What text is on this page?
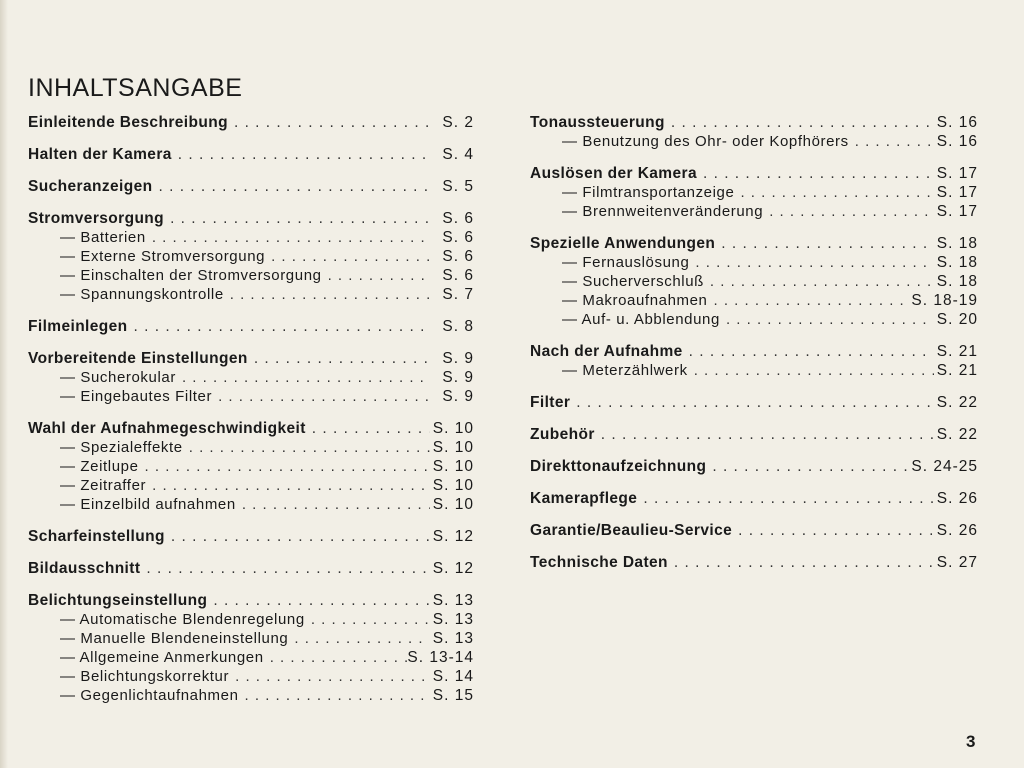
INHALTSANGABE
Einleitende Beschreibung . . .	S. 2
Halten der Kamera . . .	S. 4
Sucheranzeigen . . .	S. 5
Stromversorgung . . .	S. 6
— Batterien . . .	S. 6
— Externe Stromversorgung . . .	S. 6
— Einschalten der Stromversorgung . . .	S. 6
— Spannungskontrolle . . .	S. 7
Filmeinlegen . . .	S. 8
Vorbereitende Einstellungen . . .	S. 9
— Sucherokular . . .	S. 9
— Eingebautes Filter . . .	S. 9
Wahl der Aufnahmegeschwindigkeit . . .	S. 10
— Spezialeffekte . . .	S. 10
— Zeitlupe . . .	S. 10
— Zeitraffer . . .	S. 10
— Einzelbild aufnahmen . . .	S. 10
Scharfeinstellung . . .	S. 12
Bildausschnitt . . .	S. 12
Belichtungseinstellung . . .	S. 13
— Automatische Blendenregelung . . .	S. 13
— Manuelle Blendeneinstellung . . .	S. 13
— Allgemeine Anmerkungen . . .	S. 13-14
— Belichtungskorrektur . . .	S. 14
— Gegenlichtaufnahmen . . .	S. 15
Tonaussteuerung . . .	S. 16
— Benutzung des Ohr- oder Kopfhörers . . .	S. 16
Auslösen der Kamera . . .	S. 17
— Filmtransportanzeige . . .	S. 17
— Brennweitenveränderung . . .	S. 17
Spezielle Anwendungen . . .	S. 18
— Fernauslösung . . .	S. 18
— Sucherverschluß . . .	S. 18
— Makroaufnahmen . . .	S. 18-19
— Auf- u. Abblendung . . .	S. 20
Nach der Aufnahme . . .	S. 21
— Meterzählwerk . . .	S. 21
Filter . . .	S. 22
Zubehör . . .	S. 22
Direkttonaufzeichnung . . .	S. 24-25
Kamerapflege . . .	S. 26
Garantie/Beaulieu-Service . . .	S. 26
Technische Daten . . .	S. 27
3
